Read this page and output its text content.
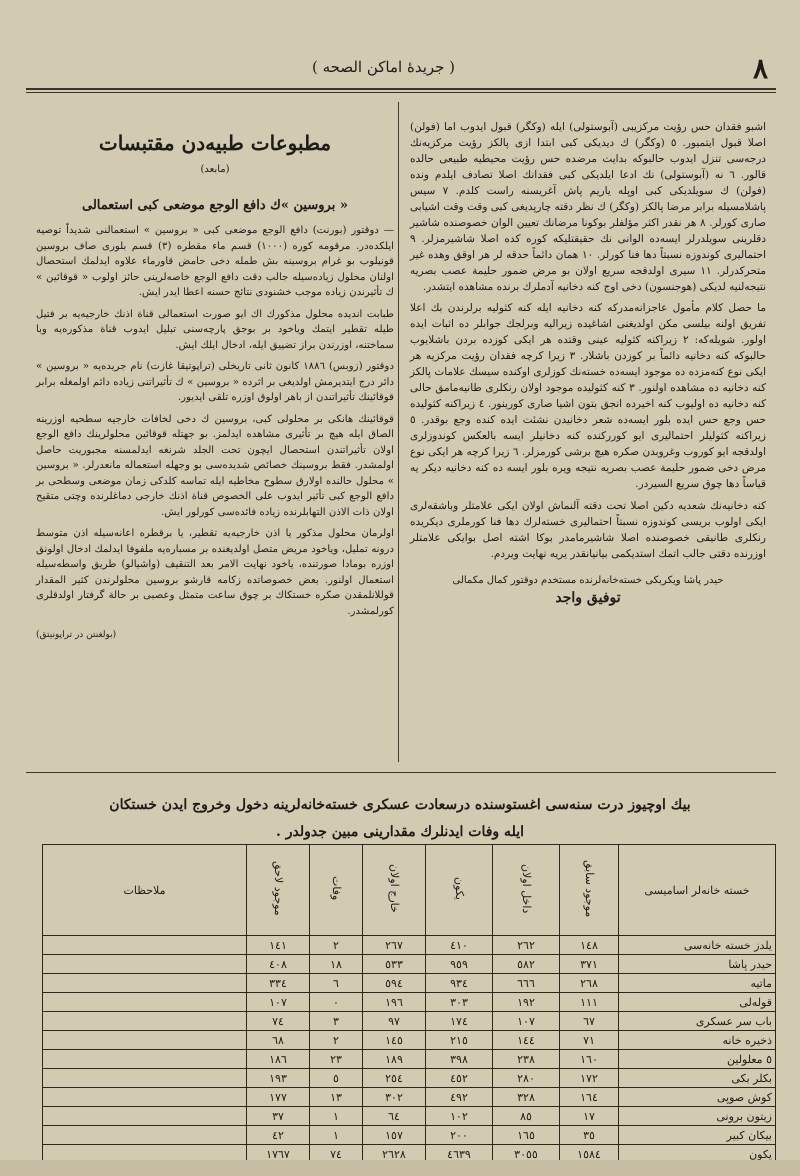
٨
( جريدهٔ اماكن الصحه )

اشبو فقدان حس رؤيت مركزيبى (آبوستولى) ايله (وكگر) قبول ايدوب اما (فولن) اصلا قبول ايتميور. ٥ (وكگر) ك دیدیکی کبی ابتدا ازی پالکز رؤيت مركزيه‌نك درجه‌سی تنزل ایدوب حالبوکه بدايت مرضده‌ حس رؤيت محيطيه طبيعى حالده قالور. ٦ نه (آبوستولى) نك ادعا ايلديكى كبى فقدانك اصلا تصادف ايلدم ونده (فولن) ك سويلديكى كبى اوپله ياريم پاش آغريسنه راست كلدم. ٧ سيس پاشلامسيله برابر مرضا پالكز (وكگر) ك نظر دقته چارپديغى كبى وقت وقت اشيابى صارى كورلر. ٨ هر نقدر اكثر مؤلفلر بوكونا مرضانك تعيين الوان خصوصنده شاشير دقلرينى سويلدرلر ايسه‌ده الوانى نك حقيقتليكه كوره‌ كده اصلا شاشيرمزلر. ٩ احتماليرى كوندوزه نسبتاً دها فنا كورلر. ١٠ همان دائماً حدقه‌ لر هر اوقق وهده غير متحركدرلر. ١١ سيرى اولدقجه سريع اولان بو مرض ضمور حليمة عصب بصريه نتيجه‌لنيه‌ لدیكى (هوجنسون) دخى اوج كنه دخانيه آدملرك برنده مشاهده ايتشدر.

ما حصل كلام مأمول عاجزانه‌مدركه كنه دخانيه ايله كنه كثوليه برلرندن بك اعلا تفريق اولنه بيلسى مكن اولدیغنى اشاغیده زيراليه وبرلجك‌ جوابلر ده اثبات ايده اولور. شويله‌كه: ٢ زيراكنه كثوليه عينى وقتده هر ايكى كوزده بردن باشلايوب حالبوكه كنه دخانيه دائماً بر كوزدن باشلار. ٣ زيرا كرچه فقدان رؤيت مركزيه هر ايكى نوع كنه‌مزده‌ ده موجود ايسه‌ده خستەنك كوزلرى اوكنده سيسك علامات پالكز كنه دخانيه ده مشاهده اولنور. ٣ كنه كثوليده موجود اولان رنكلرى طانيه‌مامق حالى كنه دخانيه ده اوليوب كنه اخيرده انجق بتون اشيا صارى كورينور. ٤ زيراكنه كثوليده حس وجع حس ايده‌ بلور ايسه‌ده شعر دخانيدن نشئت ايده كنده وجع بوقدر. ٥ زيراكنه كثوليلر احتماليرى ايو كورركنده كنه دخانيلر ايسه بالعكس كوندوزلرى اولدقجه ايو كوروب وغروبدن صكره هيچ برشى كورمزلر. ٦ زيرا كرچه هر ايكى نوع مرض دخى ضمور حليمة عصب بصريه نتيجه ويره‌ بلور ايسه‌ ده كنه دخانيه ديكر يه قياساً دها چوق سريع السيردر.

كنه دخانيه‌نك شعديه دكين اصلا تحت دقته آلنماش اولان ايكى علامتلر وباشقه‌لرى ايكى اولوب بريسى كوندوزه نسبتاً احتماليرى خستەلرك دها فنا كورملرى ديكريده رنكلرى طانيقى خصوصنده اصلا شاشيرمامدر بوكا اشته اصل بوايكى علامتلر اوزرنده دقتى جالب اتمك استديكمى بيانيانقدر يريه نهايت ويردم.

حيدر پاشا ويكربكى خسته‌خانه‌لرنده مستخدم دوقتور كمال مكمالى
توفيق واجد
مطبوعات طبيه‌دن مقتبسات
(مابعد)
« بروسين »ك دافع الوجع موضعى كبى استعمالى

— دوقتور (بورنت) دافع الوجع موضعى كبى « بروسين » استعمالنى شديداً توصيه ايلكده‌در. مرقومه كوره (١٠٠٠) قسم ماء مقطره (٣) قسم بلورى صاف بروسين قونيلوب بو غرام بروسينه بش طمله دخى حامض قاورماء علاوه ايدلمك استحصال اولنان محلول زياده‌سيله جالب دقت دافع الوجع خاصه‌لرينى حائز اولوب « قوقائين » ك تأثيرندن زياده موجب خشنودى نتائج حسنه اعطا ايدر ايش.

طبابت انديده محلول مذكورك اك ايو صورت استعمالى قناة اذنك خارجيه‌يه بر فتيل طيله تقطير ايتمك وياخود بر بوجق پارچه‌سنى تبليل ايدوب قناة مذكوره‌يه وبا سماختنه، اوزرندن براز تضييق ايله، ادخال ايلك ايش.

دوقتور (زوبس) ١٨٨٦ كانون ثانى تاريخلى (تراپوتيقا غازت) نام جريده‌يه « بروسين » دائر درج ايتديرمش اولديغى بر اثرده « بروسين » ك تأثيراتنى زياده دائم اولمغله برابر قوقائينك تأثيراتندن از باهر اولوق اوزره تلقى ايديور.

قوقائينك هانكى بر محلولى كبى، بروسين ك دخى لخافات خارجيه‌ سطحيه اوزرينه الصاق ايله هيچ بر تأثيرى مشاهده ايدلمز. بو جهتله قوقائين محلولرينك دافع الوجع اولان تأثيراتندن استحصال ايچون تحت الجلد شرنغه ايدلمسنه مجبوريت حاصل اولمشدر. فقط بروسينك خصائص شديده‌سى بو وجهله استعماله مانعدرلر. « بروسين » محلول حالنده اولارق سطوح مخاطيه ايله تماسه كلدكى زمان موضعى وسطحى بر دافع الوجع كبى تأثير ايدوب على الخصوص قناة اذنك خارجى دماغلرنده وچتى متقيح اولان ذات الاذن التهابلرنده زياده فائده‌سى كورلور ايش.

اولرمان محلول مذكور يا اذن خارجيه‌يه تقطير، يا برقطره اعانه‌سيله اذن متوسط درونه تمليل، وياخود مريض متصل اولديغنده بر مسباره‌يه ملفوفا ايدلمك ادخال اولونق اوزره بومادا صورتنده، ياخود نهايت الامر بعد التنقيف (واشيالو) طريق واسطه‌سيله استعمال اولنور. بعض خصوصاتده زكامه قارشو بروسين محلولرندن كثير المقدار قوللانلمقدن صكره خستكاك بر چوق ساعت متمثل وعصبى بر حالة گرفتار اولدقلرى كورلمشدر.

(بولغنتن در تراپونيتق)
بيك اوچيوز درت سنه‌سى اغستوسنده درسعادت عسكرى خسته‌خانه‌لرينه دخول وخروج ايدن خستكان
ايله وفات ايدنلرك مقدارينى مبين جدولدر .
خسته خانه‌لر اساميسى	موجود سابق	داخل اولان	يكون	خارج اولان	وفات	موجود لاحق	ملاحظات
يلدز خسته خانه‌سى	١٤٨	٢٦٢	٤١٠	٢٦٧	٢	١٤١	
حيدر پاشا	٣٧١	٥٨٢	٩٥٩	٥٣٣	١٨	٤٠٨	
ماتيه	٢٦٨	٦٦٦	٩٣٤	٥٩٤	٦	٣٣٤	
قوله‌لى	١١١	١٩٢	٣٠٣	١٩٦	٠	١٠٧	
باب سر عسكرى	٦٧	١٠٧	١٧٤	٩٧	٣	٧٤	
ذخيره خانه	٧١	١٤٤	٢١٥	١٤٥	٢	٦٨	
٥ معلولين	١٦٠	٢٣٨	٣٩٨	١٨٩	٢٣	١٨٦	
بكلر بكى	١٧٢	٢٨٠	٤٥٢	٢٥٤	٥	١٩٣	
كوش صوپى	١٦٤	٣٢٨	٤٩٢	٣٠٢	١٣	١٧٧	
زيتون برونى	١٧	٨٥	١٠٢	٦٤	١	٣٧	
بيكان كبير	٣٥	١٦٥	٢٠٠	١٥٧	١	٤٢	
يكون	١٥٨٤	٣٠٥٥	٤٦٣٩	٢٦٢٨	٧٤	١٧٦٧	
